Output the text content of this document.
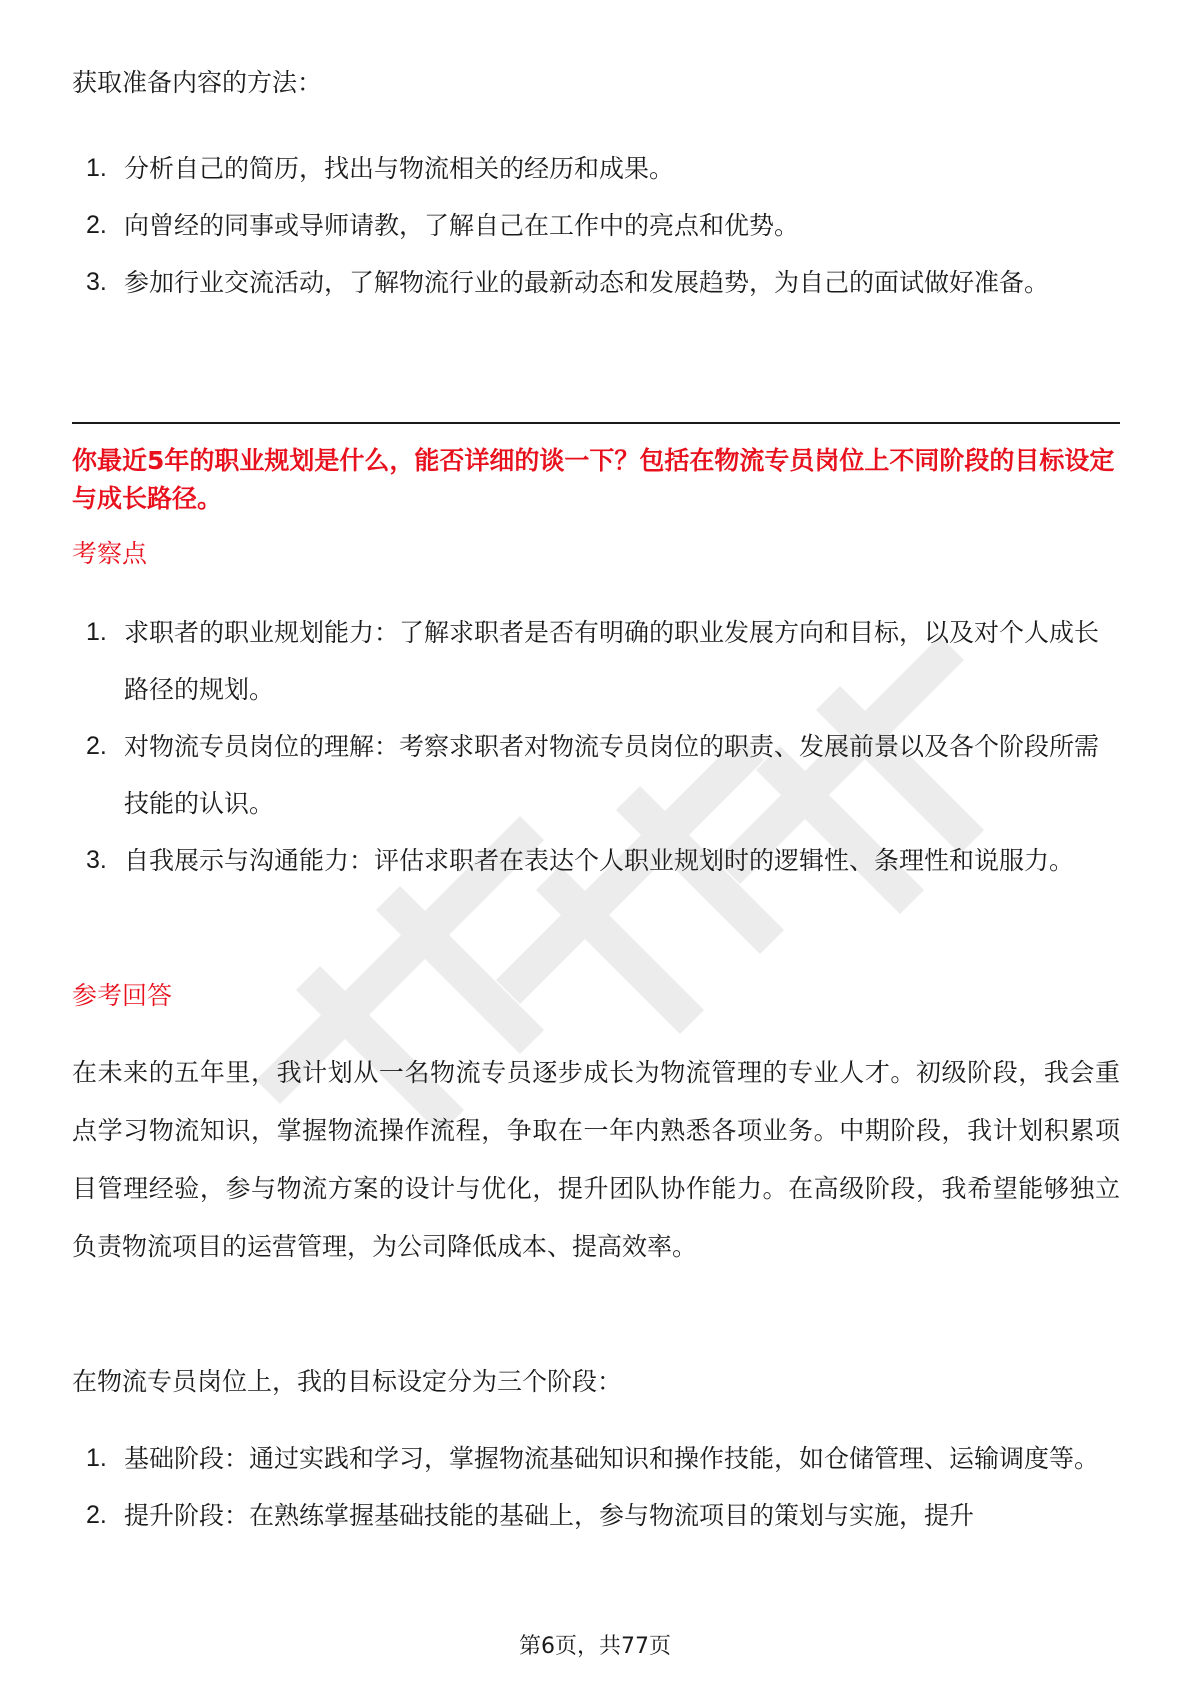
获取准备内容的方法：

1. 分析自己的简历，找出与物流相关的经历和成果。
2. 向曾经的同事或导师请教，了解自己在工作中的亮点和优势。
3. 参加行业交流活动，了解物流行业的最新动态和发展趋势，为自己的面试做好准备。

你最近5年的职业规划是什么，能否详细的谈一下？包括在物流专员岗位上不同阶段的目标设定与成长路径。

考察点

1. 求职者的职业规划能力：了解求职者是否有明确的职业发展方向和目标，以及对个人成长路径的规划。
2. 对物流专员岗位的理解：考察求职者对物流专员岗位的职责、发展前景以及各个阶段所需技能的认识。
3. 自我展示与沟通能力：评估求职者在表达个人职业规划时的逻辑性、条理性和说服力。

参考回答

在未来的五年里，我计划从一名物流专员逐步成长为物流管理的专业人才。初级阶段，我会重点学习物流知识，掌握物流操作流程，争取在一年内熟悉各项业务。中期阶段，我计划积累项目管理经验，参与物流方案的设计与优化，提升团队协作能力。在高级阶段，我希望能够独立负责物流项目的运营管理，为公司降低成本、提高效率。

在物流专员岗位上，我的目标设定分为三个阶段：

1. 基础阶段：通过实践和学习，掌握物流基础知识和操作技能，如仓储管理、运输调度等。
2. 提升阶段：在熟练掌握基础技能的基础上，参与物流项目的策划与实施，提升
第6页，共77页
